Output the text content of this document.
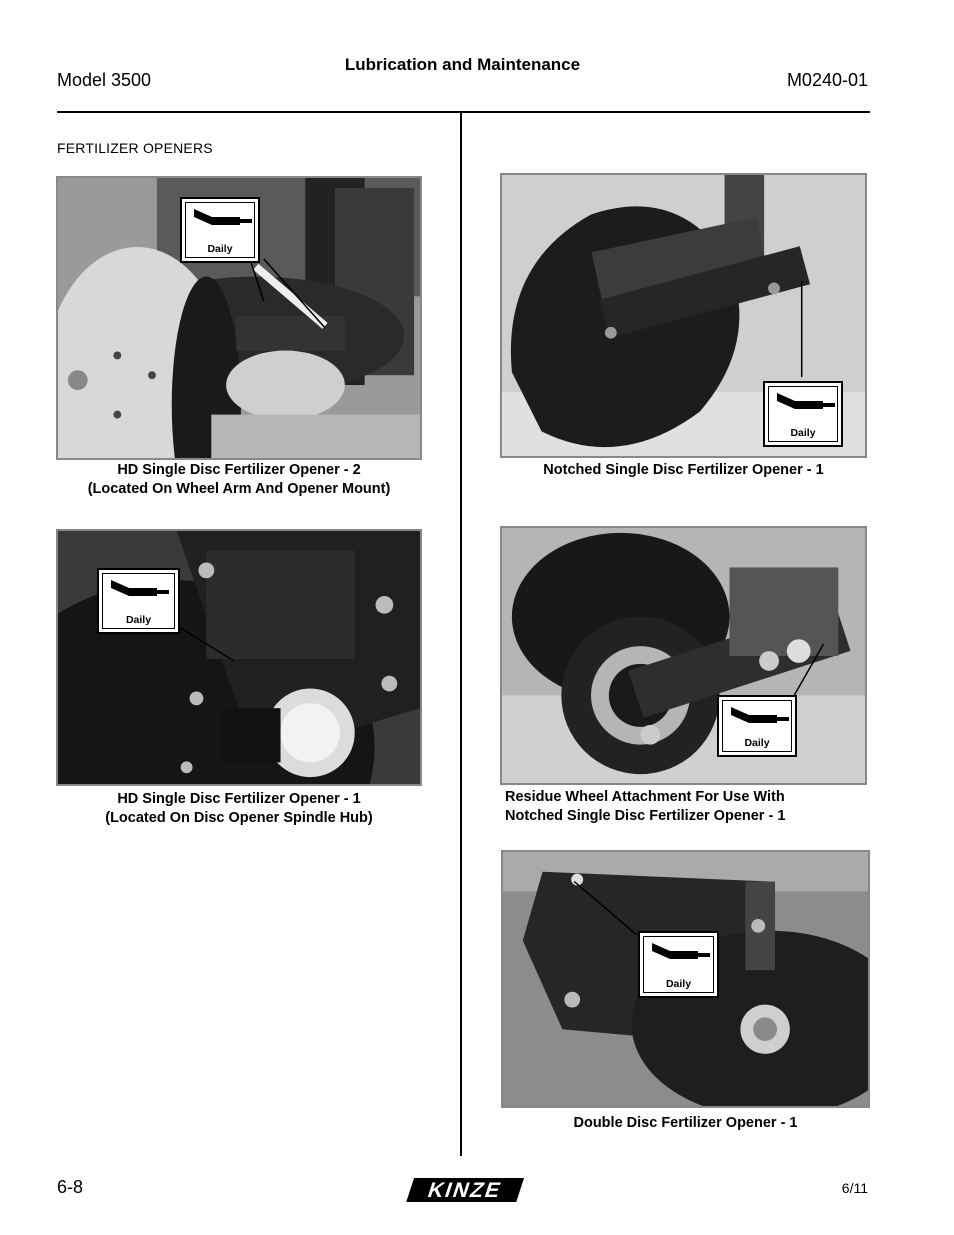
Model 3500
Lubrication and Maintenance
M0240-01
FERTILIZER OPENERS
Daily
HD Single Disc Fertilizer Opener - 2
(Located On Wheel Arm And Opener Mount)
Daily
HD Single Disc Fertilizer Opener - 1
(Located On Disc Opener Spindle Hub)
Daily
Notched Single Disc Fertilizer Opener - 1
Daily
Residue Wheel Attachment For Use With
Notched Single Disc Fertilizer Opener - 1
Daily
Double Disc Fertilizer Opener - 1
6-8	KINZE	6/11
